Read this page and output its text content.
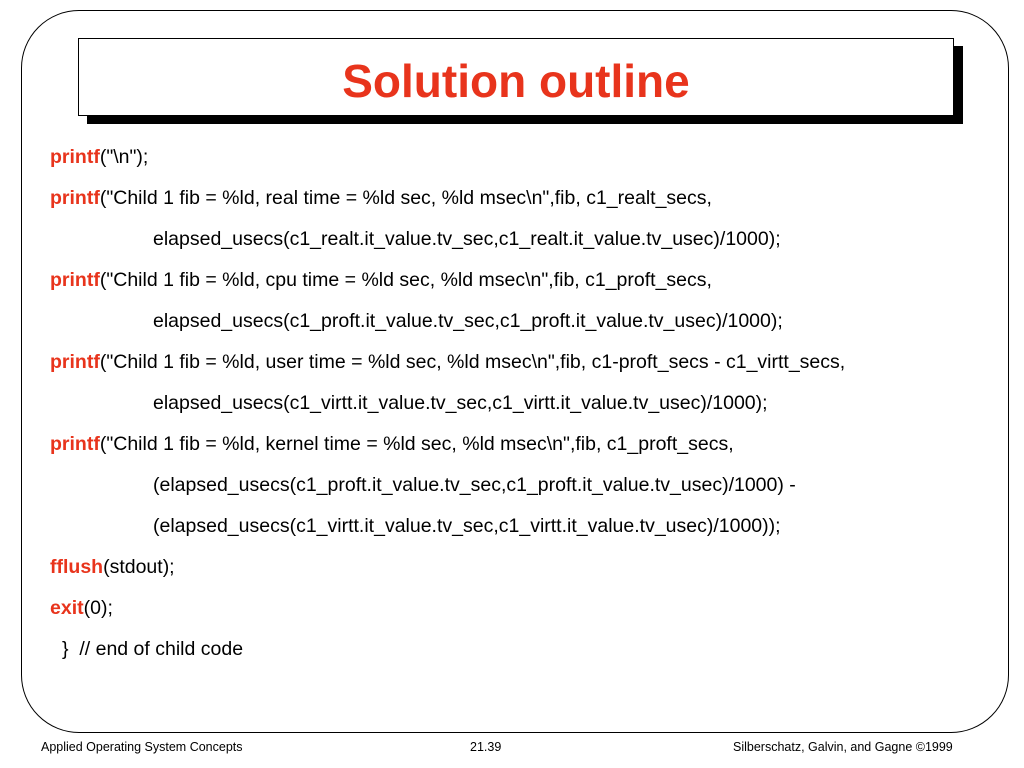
Solution outline
printf("\n");
printf("Child 1 fib = %ld, real time = %ld sec, %ld msec\n",fib, c1_realt_secs,
elapsed_usecs(c1_realt.it_value.tv_sec,c1_realt.it_value.tv_usec)/1000);
printf("Child 1 fib = %ld, cpu time = %ld sec, %ld msec\n",fib, c1_proft_secs,
elapsed_usecs(c1_proft.it_value.tv_sec,c1_proft.it_value.tv_usec)/1000);
printf("Child 1 fib = %ld, user time = %ld sec, %ld msec\n",fib, c1-proft_secs - c1_virtt_secs,
elapsed_usecs(c1_virtt.it_value.tv_sec,c1_virtt.it_value.tv_usec)/1000);
printf("Child 1 fib = %ld, kernel time = %ld sec, %ld msec\n",fib, c1_proft_secs,
(elapsed_usecs(c1_proft.it_value.tv_sec,c1_proft.it_value.tv_usec)/1000) -
(elapsed_usecs(c1_virtt.it_value.tv_sec,c1_virtt.it_value.tv_usec)/1000));
fflush(stdout);
exit(0);
}  // end of child code
Applied Operating System Concepts	21.39	Silberschatz, Galvin, and Gagne ©1999
